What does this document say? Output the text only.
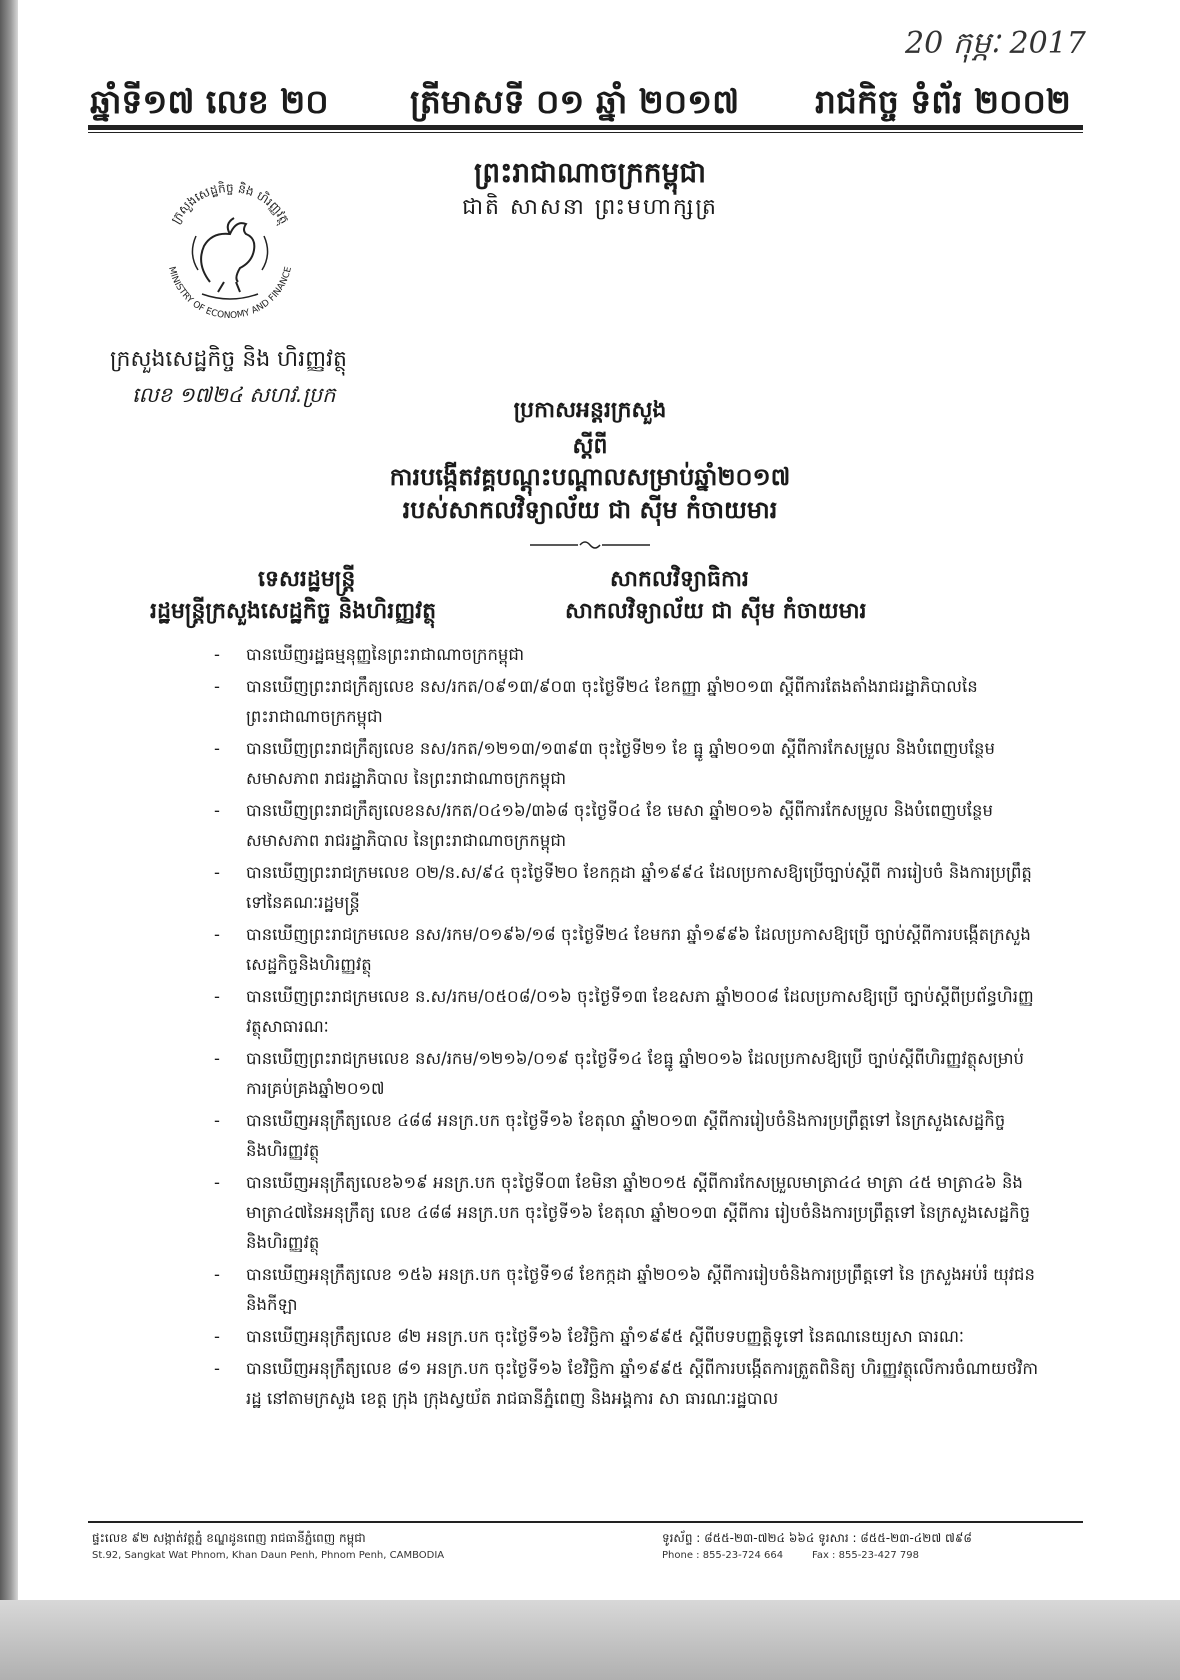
20 កុម្ភៈ 2017
ឆ្នាំទី១៧ លេខ ២០ ត្រីមាសទី ០១ ឆ្នាំ ២០១៧ រាជកិច្ច ទំព័រ ២០០២
ព្រះរាជាណាចក្រកម្ពុជា
ជាតិ សាសនា ព្រះមហាក្សត្រ
ក្រសួងសេដ្ឋកិច្ច និង ហិរញ្ញវត្ថុ
MINISTRY OF ECONOMY AND FINANCE
ក្រសួងសេដ្ឋកិច្ច និង ហិរញ្ញវត្ថុ
លេខ ១៧២៤ សហវ.ប្រក
ប្រកាសអន្តរក្រសួង
ស្ដីពី
ការបង្កើតវគ្គបណ្ដុះបណ្ដាលសម្រាប់ឆ្នាំ២០១៧
របស់សាកលវិទ្យាល័យ ជា ស៊ីម កំចាយមារ
ទេសរដ្ឋមន្ត្រី
រដ្ឋមន្ត្រីក្រសួងសេដ្ឋកិច្ច និងហិរញ្ញវត្ថុ
សាកលវិទ្យាធិការ
សាកលវិទ្យាល័យ ជា ស៊ីម កំចាយមារ
- បានឃើញរដ្ឋធម្មនុញ្ញនៃព្រះរាជាណាចក្រកម្ពុជា
- បានឃើញព្រះរាជក្រឹត្យលេខ នស/រកត/០៩១៣/៩០៣ ចុះថ្ងៃទី២៤ ខែកញ្ញា ឆ្នាំ២០១៣ ស្ដីពីការតែងតាំងរាជរដ្ឋាភិបាលនៃព្រះរាជាណាចក្រកម្ពុជា
- បានឃើញព្រះរាជក្រឹត្យលេខ នស/រកត/១២១៣/១៣៩៣ ចុះថ្ងៃទី២១ ខែ ធ្នូ ឆ្នាំ២០១៣ ស្ដីពីការកែសម្រួល និងបំពេញបន្ថែម សមាសភាព រាជរដ្ឋាភិបាល នៃព្រះរាជាណាចក្រកម្ពុជា
- បានឃើញព្រះរាជក្រឹត្យលេខនស/រកត/០៤១៦/៣៦៨ ចុះថ្ងៃទី០៤ ខែ មេសា ឆ្នាំ២០១៦ ស្ដីពីការកែសម្រួល និងបំពេញបន្ថែម សមាសភាព រាជរដ្ឋាភិបាល នៃព្រះរាជាណាចក្រកម្ពុជា
- បានឃើញព្រះរាជក្រមលេខ ០២/ន.ស/៩៤ ចុះថ្ងៃទី២០ ខែកក្កដា ឆ្នាំ១៩៩៤ ដែលប្រកាសឱ្យប្រើច្បាប់ស្ដីពី ការរៀបចំ និងការប្រព្រឹត្តទៅនៃគណៈរដ្ឋមន្ត្រី
- បានឃើញព្រះរាជក្រមលេខ នស/រកម/០១៩៦/១៨ ចុះថ្ងៃទី២៤ ខែមករា ឆ្នាំ១៩៩៦ ដែលប្រកាសឱ្យប្រើ ច្បាប់ស្ដីពីការបង្កើតក្រសួងសេដ្ឋកិច្ចនិងហិរញ្ញវត្ថុ
- បានឃើញព្រះរាជក្រមលេខ ន.ស/រកម/០៥០៨/០១៦ ចុះថ្ងៃទី១៣ ខែឧសភា ឆ្នាំ២០០៨ ដែលប្រកាសឱ្យប្រើ ច្បាប់ស្ដីពីប្រព័ន្ធហិរញ្ញវត្ថុសាធារណៈ
- បានឃើញព្រះរាជក្រមលេខ នស/រកម/១២១៦/០១៩ ចុះថ្ងៃទី១៤ ខែធ្នូ ឆ្នាំ២០១៦ ដែលប្រកាសឱ្យប្រើ ច្បាប់ស្ដីពីហិរញ្ញវត្ថុសម្រាប់ការគ្រប់គ្រងឆ្នាំ២០១៧
- បានឃើញអនុក្រឹត្យលេខ ៤៨៨ អនក្រ.បក ចុះថ្ងៃទី១៦ ខែតុលា ឆ្នាំ២០១៣ ស្ដីពីការរៀបចំនិងការប្រព្រឹត្តទៅ នៃក្រសួងសេដ្ឋកិច្ចនិងហិរញ្ញវត្ថុ
- បានឃើញអនុក្រឹត្យលេខ៦១៩ អនក្រ.បក ចុះថ្ងៃទី០៣ ខែមិនា ឆ្នាំ២០១៥ ស្ដីពីការកែសម្រួលមាត្រា៤៤ មាត្រា ៤៥ មាត្រា៤៦ និងមាត្រា៤៧នៃអនុក្រឹត្យ លេខ ៤៨៨ អនក្រ.បក ចុះថ្ងៃទី១៦ ខែតុលា ឆ្នាំ២០១៣ ស្ដីពីការ រៀបចំនិងការប្រព្រឹត្តទៅ នៃក្រសួងសេដ្ឋកិច្ច និងហិរញ្ញវត្ថុ
- បានឃើញអនុក្រឹត្យលេខ ១៥៦ អនក្រ.បក ចុះថ្ងៃទី១៨ ខែកក្កដា ឆ្នាំ២០១៦ ស្ដីពីការរៀបចំនិងការប្រព្រឹត្តទៅ នៃ ក្រសួងអប់រំ យុវជន និងកីឡា
- បានឃើញអនុក្រឹត្យលេខ ៨២ អនក្រ.បក ចុះថ្ងៃទី១៦ ខែវិច្ឆិកា ឆ្នាំ១៩៩៥ ស្ដីពីបទបញ្ញត្តិទូទៅ នៃគណនេយ្យសា ធារណៈ
- បានឃើញអនុក្រឹត្យលេខ ៨១ អនក្រ.បក ចុះថ្ងៃទី១៦ ខែវិច្ឆិកា ឆ្នាំ១៩៩៥ ស្ដីពីការបង្កើតការត្រួតពិនិត្យ ហិរញ្ញវត្ថុលើការចំណាយថវិការដ្ឋ នៅតាមក្រសួង ខេត្ត ក្រុង ក្រុងស្វយ័ត រាជធានីភ្នំពេញ និងអង្គការ សា ធារណៈរដ្ឋបាល
ផ្ទះលេខ ៩២ សង្កាត់វត្តភ្នំ ខណ្ឌដូនពេញ រាជធានីភ្នំពេញ កម្ពុជា
St.92, Sangkat Wat Phnom, Khan Daun Penh, Phnom Penh, CAMBODIA
ទូរស័ព្ទ : ៨៥៥-២៣-៧២៤ ៦៦៤ ទូរសារ : ៨៥៥-២៣-៤២៧ ៧៩៨
Phone : 855-23-724 664	Fax : 855-23-427 798
